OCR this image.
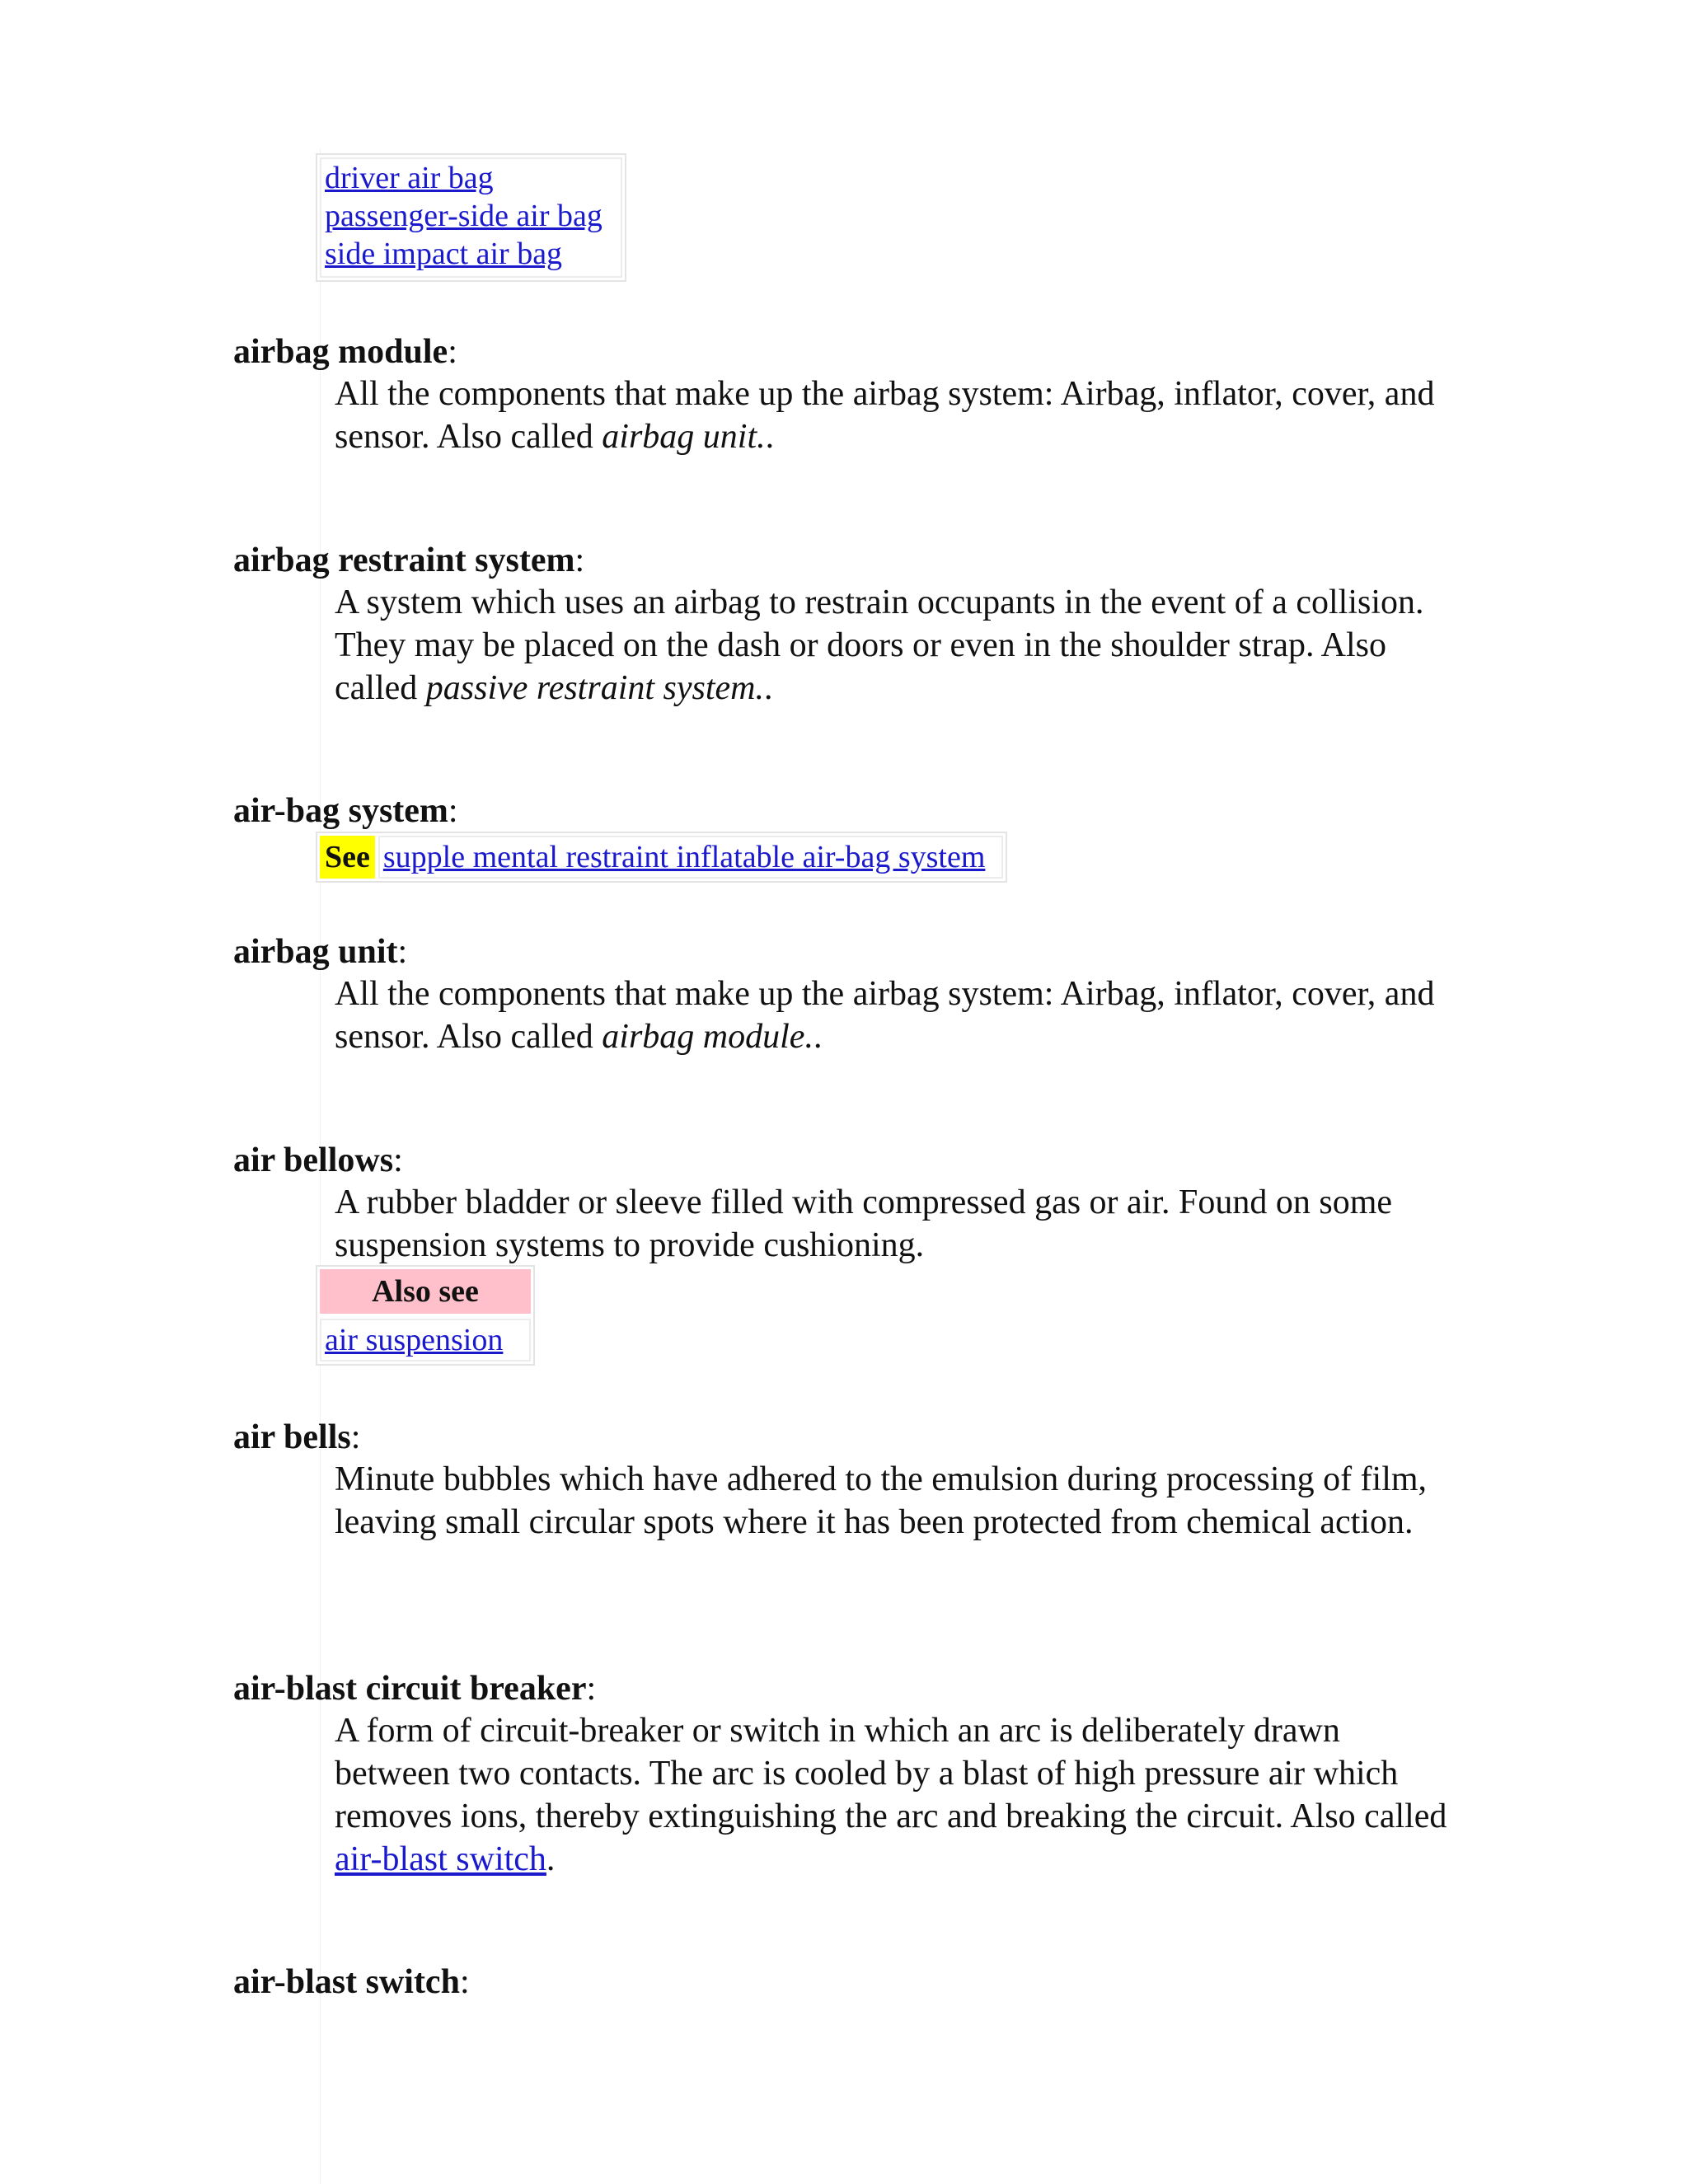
driver air bag
passenger-side air bag
side impact air bag
airbag module:
All the components that make up the airbag system: Airbag, inflator, cover, and sensor. Also called airbag unit..
airbag restraint system:
A system which uses an airbag to restrain occupants in the event of a collision. They may be placed on the dash or doors or even in the shoulder strap. Also called passive restraint system..
air-bag system:
See supple mental restraint inflatable air-bag system
airbag unit:
All the components that make up the airbag system: Airbag, inflator, cover, and sensor. Also called airbag module..
air bellows:
A rubber bladder or sleeve filled with compressed gas or air. Found on some suspension systems to provide cushioning.
Also see
air suspension
air bells:
Minute bubbles which have adhered to the emulsion during processing of film, leaving small circular spots where it has been protected from chemical action.
air-blast circuit breaker:
A form of circuit-breaker or switch in which an arc is deliberately drawn between two contacts. The arc is cooled by a blast of high pressure air which removes ions, thereby extinguishing the arc and breaking the circuit. Also called air-blast switch.
air-blast switch:
